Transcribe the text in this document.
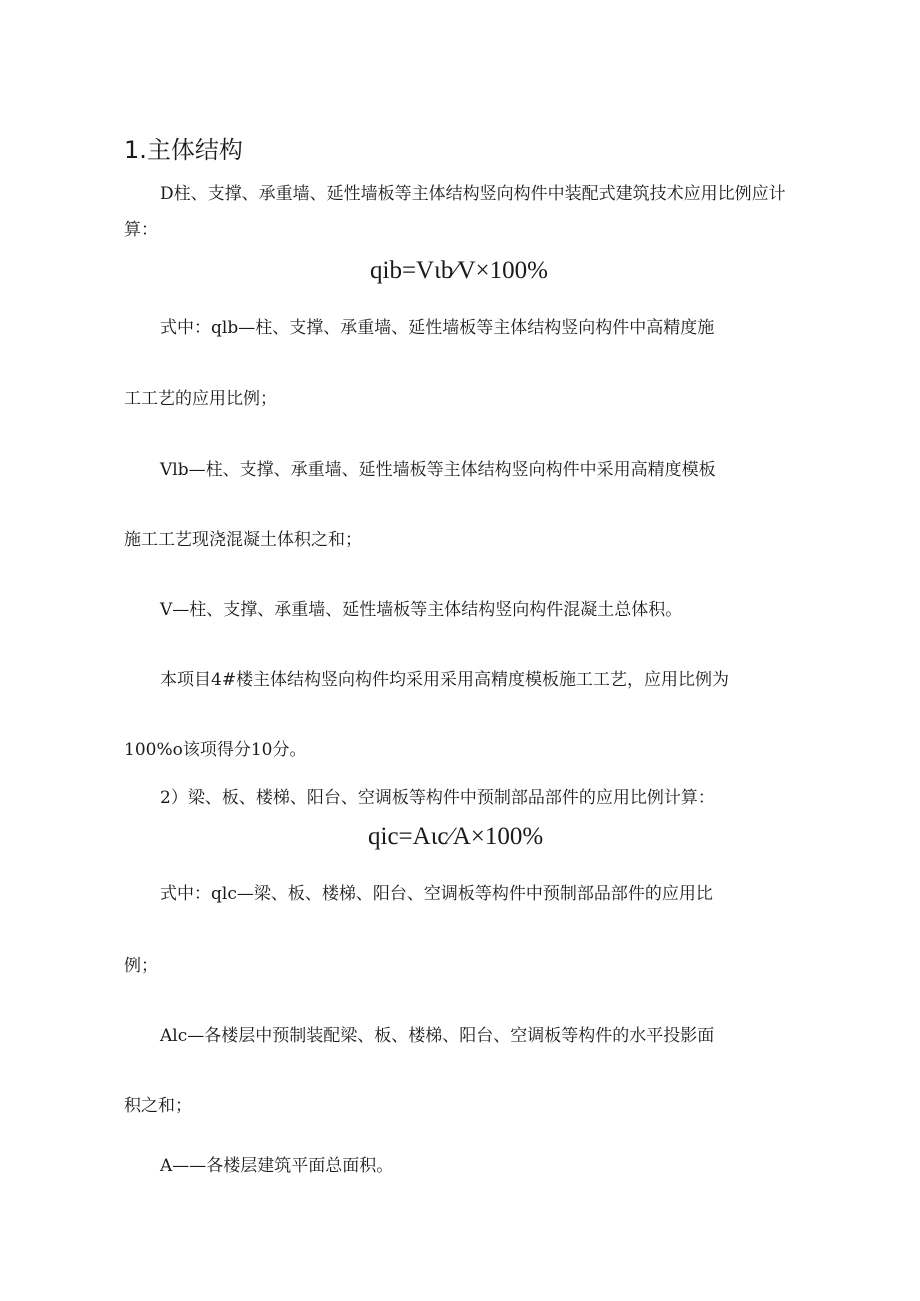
1.主体结构
D柱、支撑、承重墙、延性墙板等主体结构竖向构件中装配式建筑技术应用比例应计
算：
qib=Vιb∕V×100%
式中：qlb—柱、支撑、承重墙、延性墙板等主体结构竖向构件中高精度施
工工艺的应用比例；
Vlb—柱、支撑、承重墙、延性墙板等主体结构竖向构件中采用高精度模板
施工工艺现浇混凝土体积之和；
V—柱、支撑、承重墙、延性墙板等主体结构竖向构件混凝土总体积。
本项目4#楼主体结构竖向构件均采用采用高精度模板施工工艺，应用比例为
100%o该项得分10分。
2）梁、板、楼梯、阳台、空调板等构件中预制部品部件的应用比例计算：
qic=Aιc∕A×100%
式中：qlc—梁、板、楼梯、阳台、空调板等构件中预制部品部件的应用比
例；
Alc—各楼层中预制装配梁、板、楼梯、阳台、空调板等构件的水平投影面
积之和；
A——各楼层建筑平面总面积。
